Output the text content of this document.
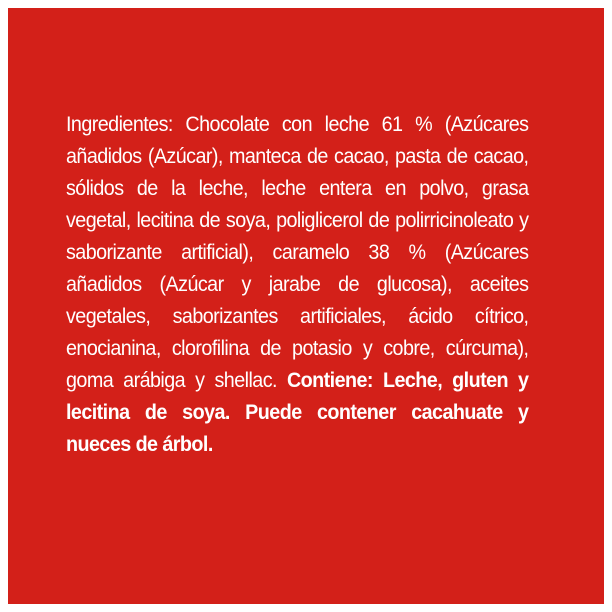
Ingredientes: Chocolate con leche 61 % (Azúcares añadidos (Azúcar), manteca de cacao, pasta de cacao, sólidos de la leche, leche entera en polvo, grasa vegetal, lecitina de soya, poliglicerol de polirricinoleato y saborizante artificial), caramelo 38 % (Azúcares añadidos (Azúcar y jarabe de glucosa), aceites vegetales, saborizantes artificiales, ácido cítrico, enocianina, clorofilina de potasio y cobre, cúrcuma), goma arábiga y shellac. Contiene: Leche, gluten y lecitina de soya. Puede contener cacahuate y nueces de árbol.
